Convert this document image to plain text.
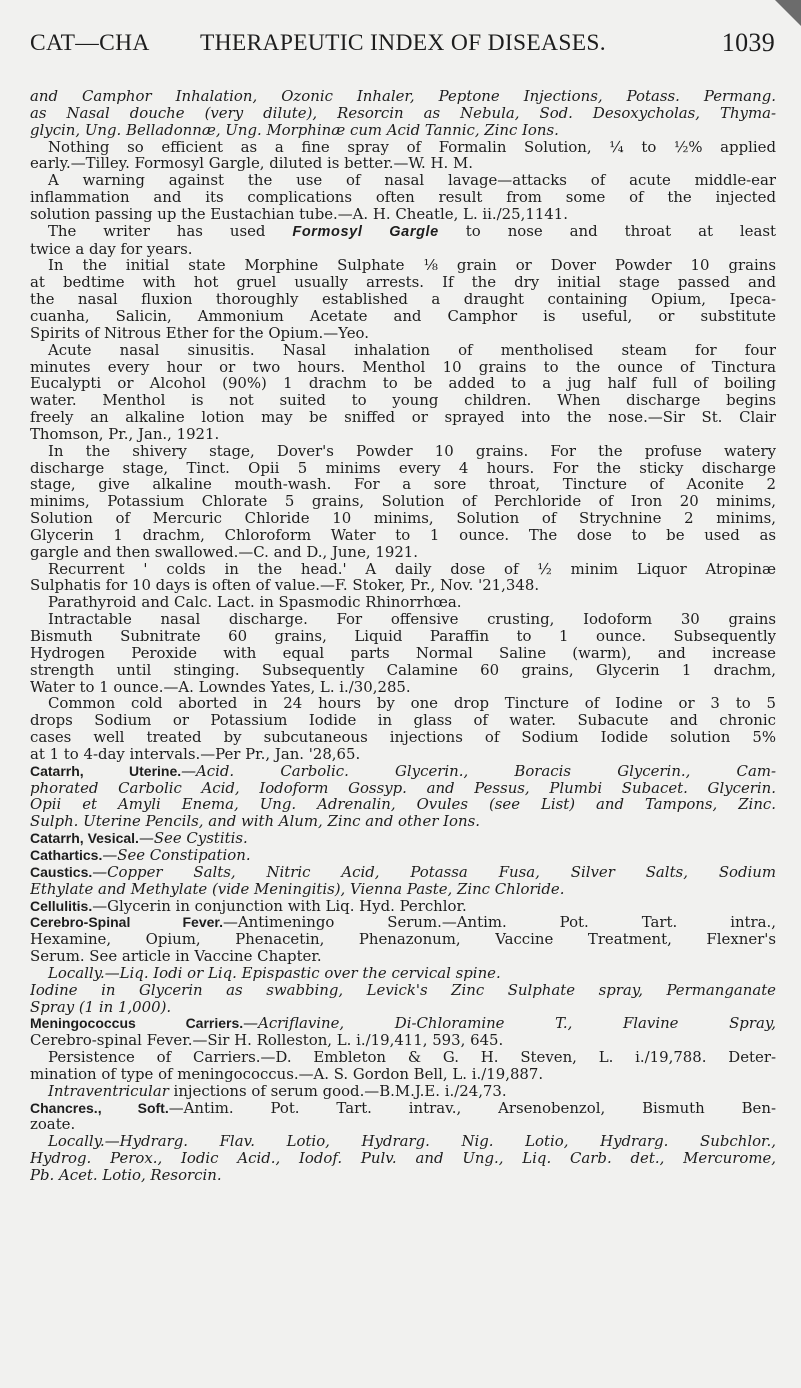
CAT—CHA THERAPEUTIC INDEX OF DISEASES.	1039
and Camphor Inhalation, Ozonic Inhaler, Peptone Injections, Potass. Permang.
as Nasal douche (very dilute), Resorcin as Nebula, Sod. Desoxycholas, Thyma-
glycin, Ung. Belladonnæ, Ung. Morphinæ cum Acid Tannic, Zinc Ions.
Nothing so efficient as a fine spray of Formalin Solution, ¼ to ½% applied
early.—Tilley. Formosyl Gargle, diluted is better.—W. H. M.
A warning against the use of nasal lavage—attacks of acute middle-ear
inflammation and its complications often result from some of the injected
solution passing up the Eustachian tube.—A. H. Cheatle, L. ii./25,1141.
The writer has used Formosyl Gargle to nose and throat at least
twice a day for years.
In the initial state Morphine Sulphate ⅛ grain or Dover Powder 10 grains
at bedtime with hot gruel usually arrests. If the dry initial stage passed and
the nasal fluxion thoroughly established a draught containing Opium, Ipeca-
cuanha, Salicin, Ammonium Acetate and Camphor is useful, or substitute
Spirits of Nitrous Ether for the Opium.—Yeo.
Acute nasal sinusitis. Nasal inhalation of mentholised steam for four
minutes every hour or two hours. Menthol 10 grains to the ounce of Tinctura
Eucalypti or Alcohol (90%) 1 drachm to be added to a jug half full of boiling
water. Menthol is not suited to young children. When discharge begins
freely an alkaline lotion may be sniffed or sprayed into the nose.—Sir St. Clair
Thomson, Pr., Jan., 1921.
In the shivery stage, Dover's Powder 10 grains. For the profuse watery
discharge stage, Tinct. Opii 5 minims every 4 hours. For the sticky discharge
stage, give alkaline mouth-wash. For a sore throat, Tincture of Aconite 2
minims, Potassium Chlorate 5 grains, Solution of Perchloride of Iron 20 minims,
Solution of Mercuric Chloride 10 minims, Solution of Strychnine 2 minims,
Glycerin 1 drachm, Chloroform Water to 1 ounce. The dose to be used as
gargle and then swallowed.—C. and D., June, 1921.
Recurrent ' colds in the head.' A daily dose of ½ minim Liquor Atropinæ
Sulphatis for 10 days is often of value.—F. Stoker, Pr., Nov. '21,348.
Parathyroid and Calc. Lact. in Spasmodic Rhinorrhœa.
Intractable nasal discharge. For offensive crusting, Iodoform 30 grains
Bismuth Subnitrate 60 grains, Liquid Paraffin to 1 ounce. Subsequently
Hydrogen Peroxide with equal parts Normal Saline (warm), and increase
strength until stinging. Subsequently Calamine 60 grains, Glycerin 1 drachm,
Water to 1 ounce.—A. Lowndes Yates, L. i./30,285.
Common cold aborted in 24 hours by one drop Tincture of Iodine or 3 to 5
drops Sodium or Potassium Iodide in glass of water. Subacute and chronic
cases well treated by subcutaneous injections of Sodium Iodide solution 5%
at 1 to 4-day intervals.—Per Pr., Jan. '28,65.
Catarrh, Uterine.—Acid. Carbolic. Glycerin., Boracis Glycerin., Cam-
phorated Carbolic Acid, Iodoform Gossyp. and Pessus, Plumbi Subacet. Glycerin.
Opii et Amyli Enema, Ung. Adrenalin, Ovules (see List) and Tampons, Zinc.
Sulph. Uterine Pencils, and with Alum, Zinc and other Ions.
Catarrh, Vesical.—See Cystitis.
Cathartics.—See Constipation.
Caustics.—Copper Salts, Nitric Acid, Potassa Fusa, Silver Salts, Sodium
Ethylate and Methylate (vide Meningitis), Vienna Paste, Zinc Chloride.
Cellulitis.—Glycerin in conjunction with Liq. Hyd. Perchlor.
Cerebro-Spinal Fever.—Antimeningo Serum.—Antim. Pot. Tart. intra.,
Hexamine, Opium, Phenacetin, Phenazonum, Vaccine Treatment, Flexner's
Serum. See article in Vaccine Chapter.
Locally.—Liq. Iodi or Liq. Epispastic over the cervical spine.
Iodine in Glycerin as swabbing, Levick's Zinc Sulphate spray, Permanganate
Spray (1 in 1,000).
Meningococcus Carriers.—Acriflavine, Di-Chloramine T., Flavine Spray,
Cerebro-spinal Fever.—Sir H. Rolleston, L. i./19,411, 593, 645.
Persistence of Carriers.—D. Embleton & G. H. Steven, L. i./19,788. Deter-
mination of type of meningococcus.—A. S. Gordon Bell, L. i./19,887.
Intraventricular injections of serum good.—B.M.J.E. i./24,73.
Chancres., Soft.—Antim. Pot. Tart. intrav., Arsenobenzol, Bismuth Ben-
zoate.
Locally.—Hydrarg. Flav. Lotio, Hydrarg. Nig. Lotio, Hydrarg. Subchlor.,
Hydrog. Perox., Iodic Acid., Iodof. Pulv. and Ung., Liq. Carb. det., Mercurome,
Pb. Acet. Lotio, Resorcin.
